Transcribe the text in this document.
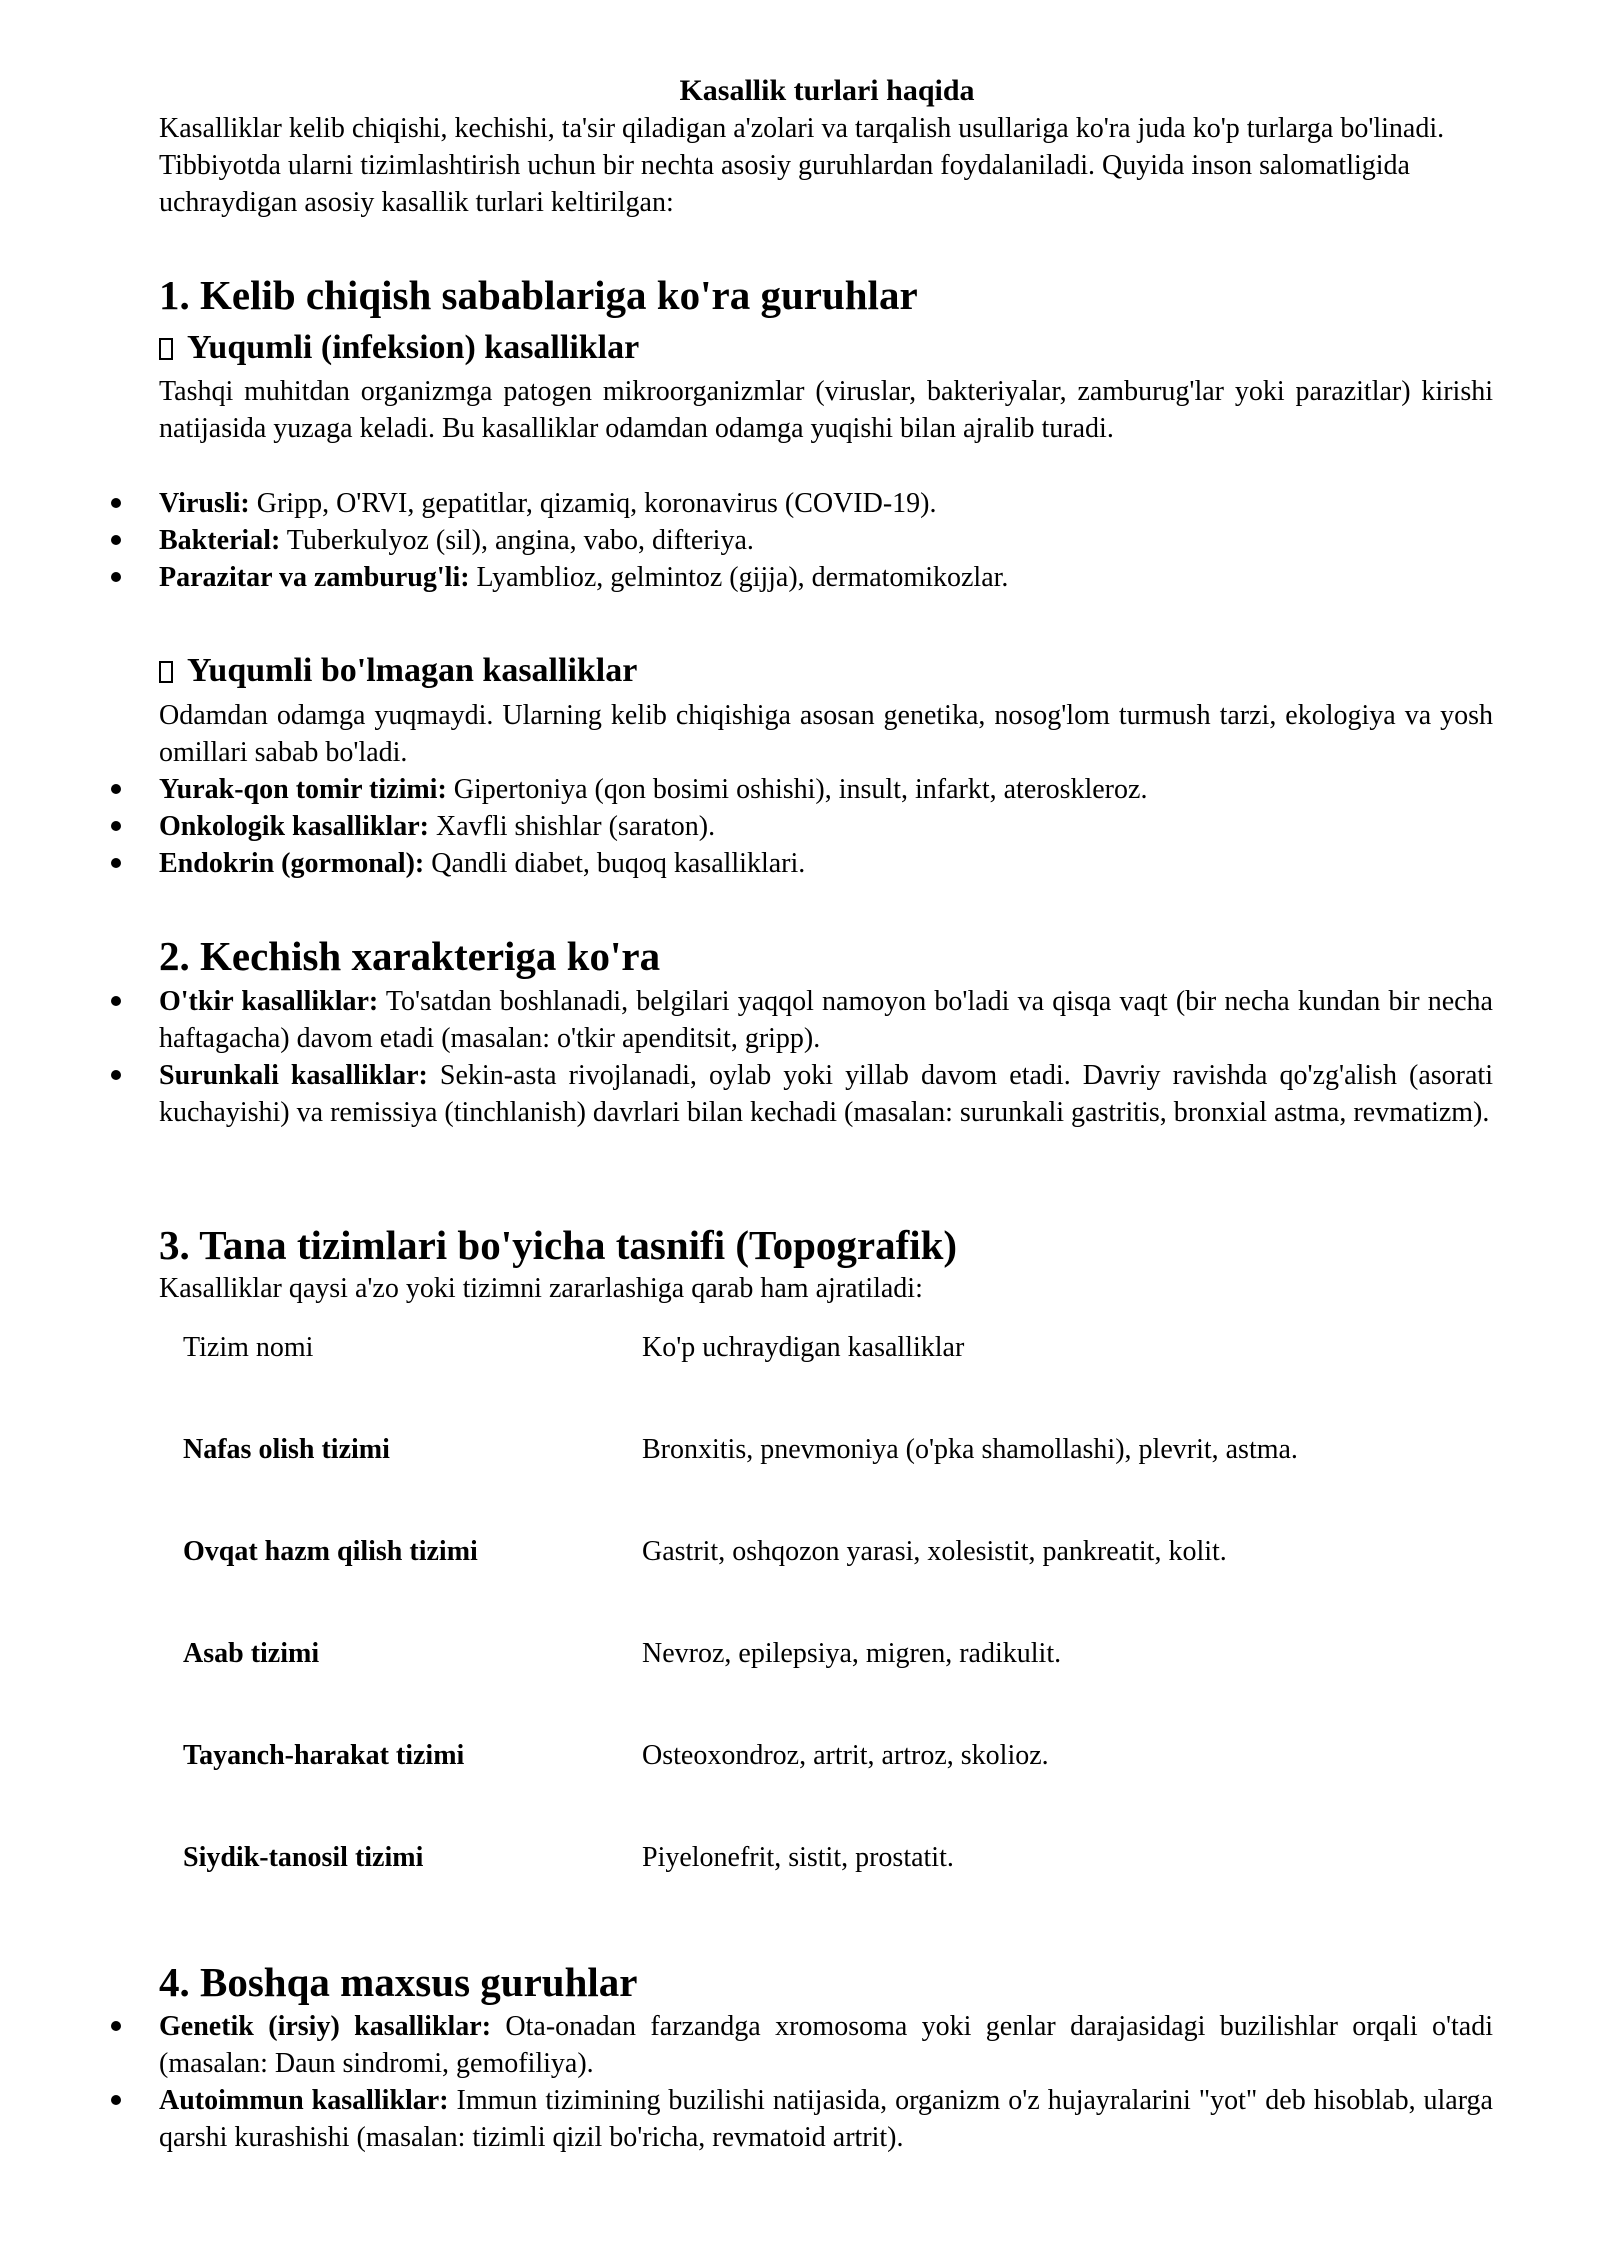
Kasallik turlari haqida
Kasalliklar kelib chiqishi, kechishi, ta'sir qiladigan a'zolari va tarqalish usullariga ko'ra juda ko'p turlarga bo'linadi. Tibbiyotda ularni tizimlashtirish uchun bir nechta asosiy guruhlardan foydalaniladi. Quyida inson salomatligida uchraydigan asosiy kasallik turlari keltirilgan:
1. Kelib chiqish sabablariga ko'ra guruhlar
Yuqumli (infeksion) kasalliklar
Tashqi muhitdan organizmga patogen mikroorganizmlar (viruslar, bakteriyalar, zamburug'lar yoki parazitlar) kirishi natijasida yuzaga keladi. Bu kasalliklar odamdan odamga yuqishi bilan ajralib turadi.
Virusli: Gripp, O'RVI, gepatitlar, qizamiq, koronavirus (COVID-19).
Bakterial: Tuberkulyoz (sil), angina, vabo, difteriya.
Parazitar va zamburug'li: Lyamblioz, gelmintoz (gijja), dermatomikozlar.
Yuqumli bo'lmagan kasalliklar
Odamdan odamga yuqmaydi. Ularning kelib chiqishiga asosan genetika, nosog'lom turmush tarzi, ekologiya va yosh omillari sabab bo'ladi.
Yurak-qon tomir tizimi: Gipertoniya (qon bosimi oshishi), insult, infarkt, ateroskleroz.
Onkologik kasalliklar: Xavfli shishlar (saraton).
Endokrin (gormonal): Qandli diabet, buqoq kasalliklari.
2. Kechish xarakteriga ko'ra
O'tkir kasalliklar: To'satdan boshlanadi, belgilari yaqqol namoyon bo'ladi va qisqa vaqt (bir necha kundan bir necha haftagacha) davom etadi (masalan: o'tkir apenditsit, gripp).
Surunkali kasalliklar: Sekin-asta rivojlanadi, oylab yoki yillab davom etadi. Davriy ravishda qo'zg'alish (asorati kuchayishi) va remissiya (tinchlanish) davrlari bilan kechadi (masalan: surunkali gastritis, bronxial astma, revmatizm).
3. Tana tizimlari bo'yicha tasnifi (Topografik)
Kasalliklar qaysi a'zo yoki tizimni zararlashiga qarab ham ajratiladi:
Tizim nomi	Ko'p uchraydigan kasalliklar
Nafas olish tizimi	Bronxitis, pnevmoniya (o'pka shamollashi), plevrit, astma.
Ovqat hazm qilish tizimi	Gastrit, oshqozon yarasi, xolesistit, pankreatit, kolit.
Asab tizimi	Nevroz, epilepsiya, migren, radikulit.
Tayanch-harakat tizimi	Osteoxondroz, artrit, artroz, skolioz.
Siydik-tanosil tizimi	Piyelonefrit, sistit, prostatit.
4. Boshqa maxsus guruhlar
Genetik (irsiy) kasalliklar: Ota-onadan farzandga xromosoma yoki genlar darajasidagi buzilishlar orqali o'tadi (masalan: Daun sindromi, gemofiliya).
Autoimmun kasalliklar: Immun tizimining buzilishi natijasida, organizm o'z hujayralarini "yot" deb hisoblab, ularga qarshi kurashishi (masalan: tizimli qizil bo'richa, revmatoid artrit).
